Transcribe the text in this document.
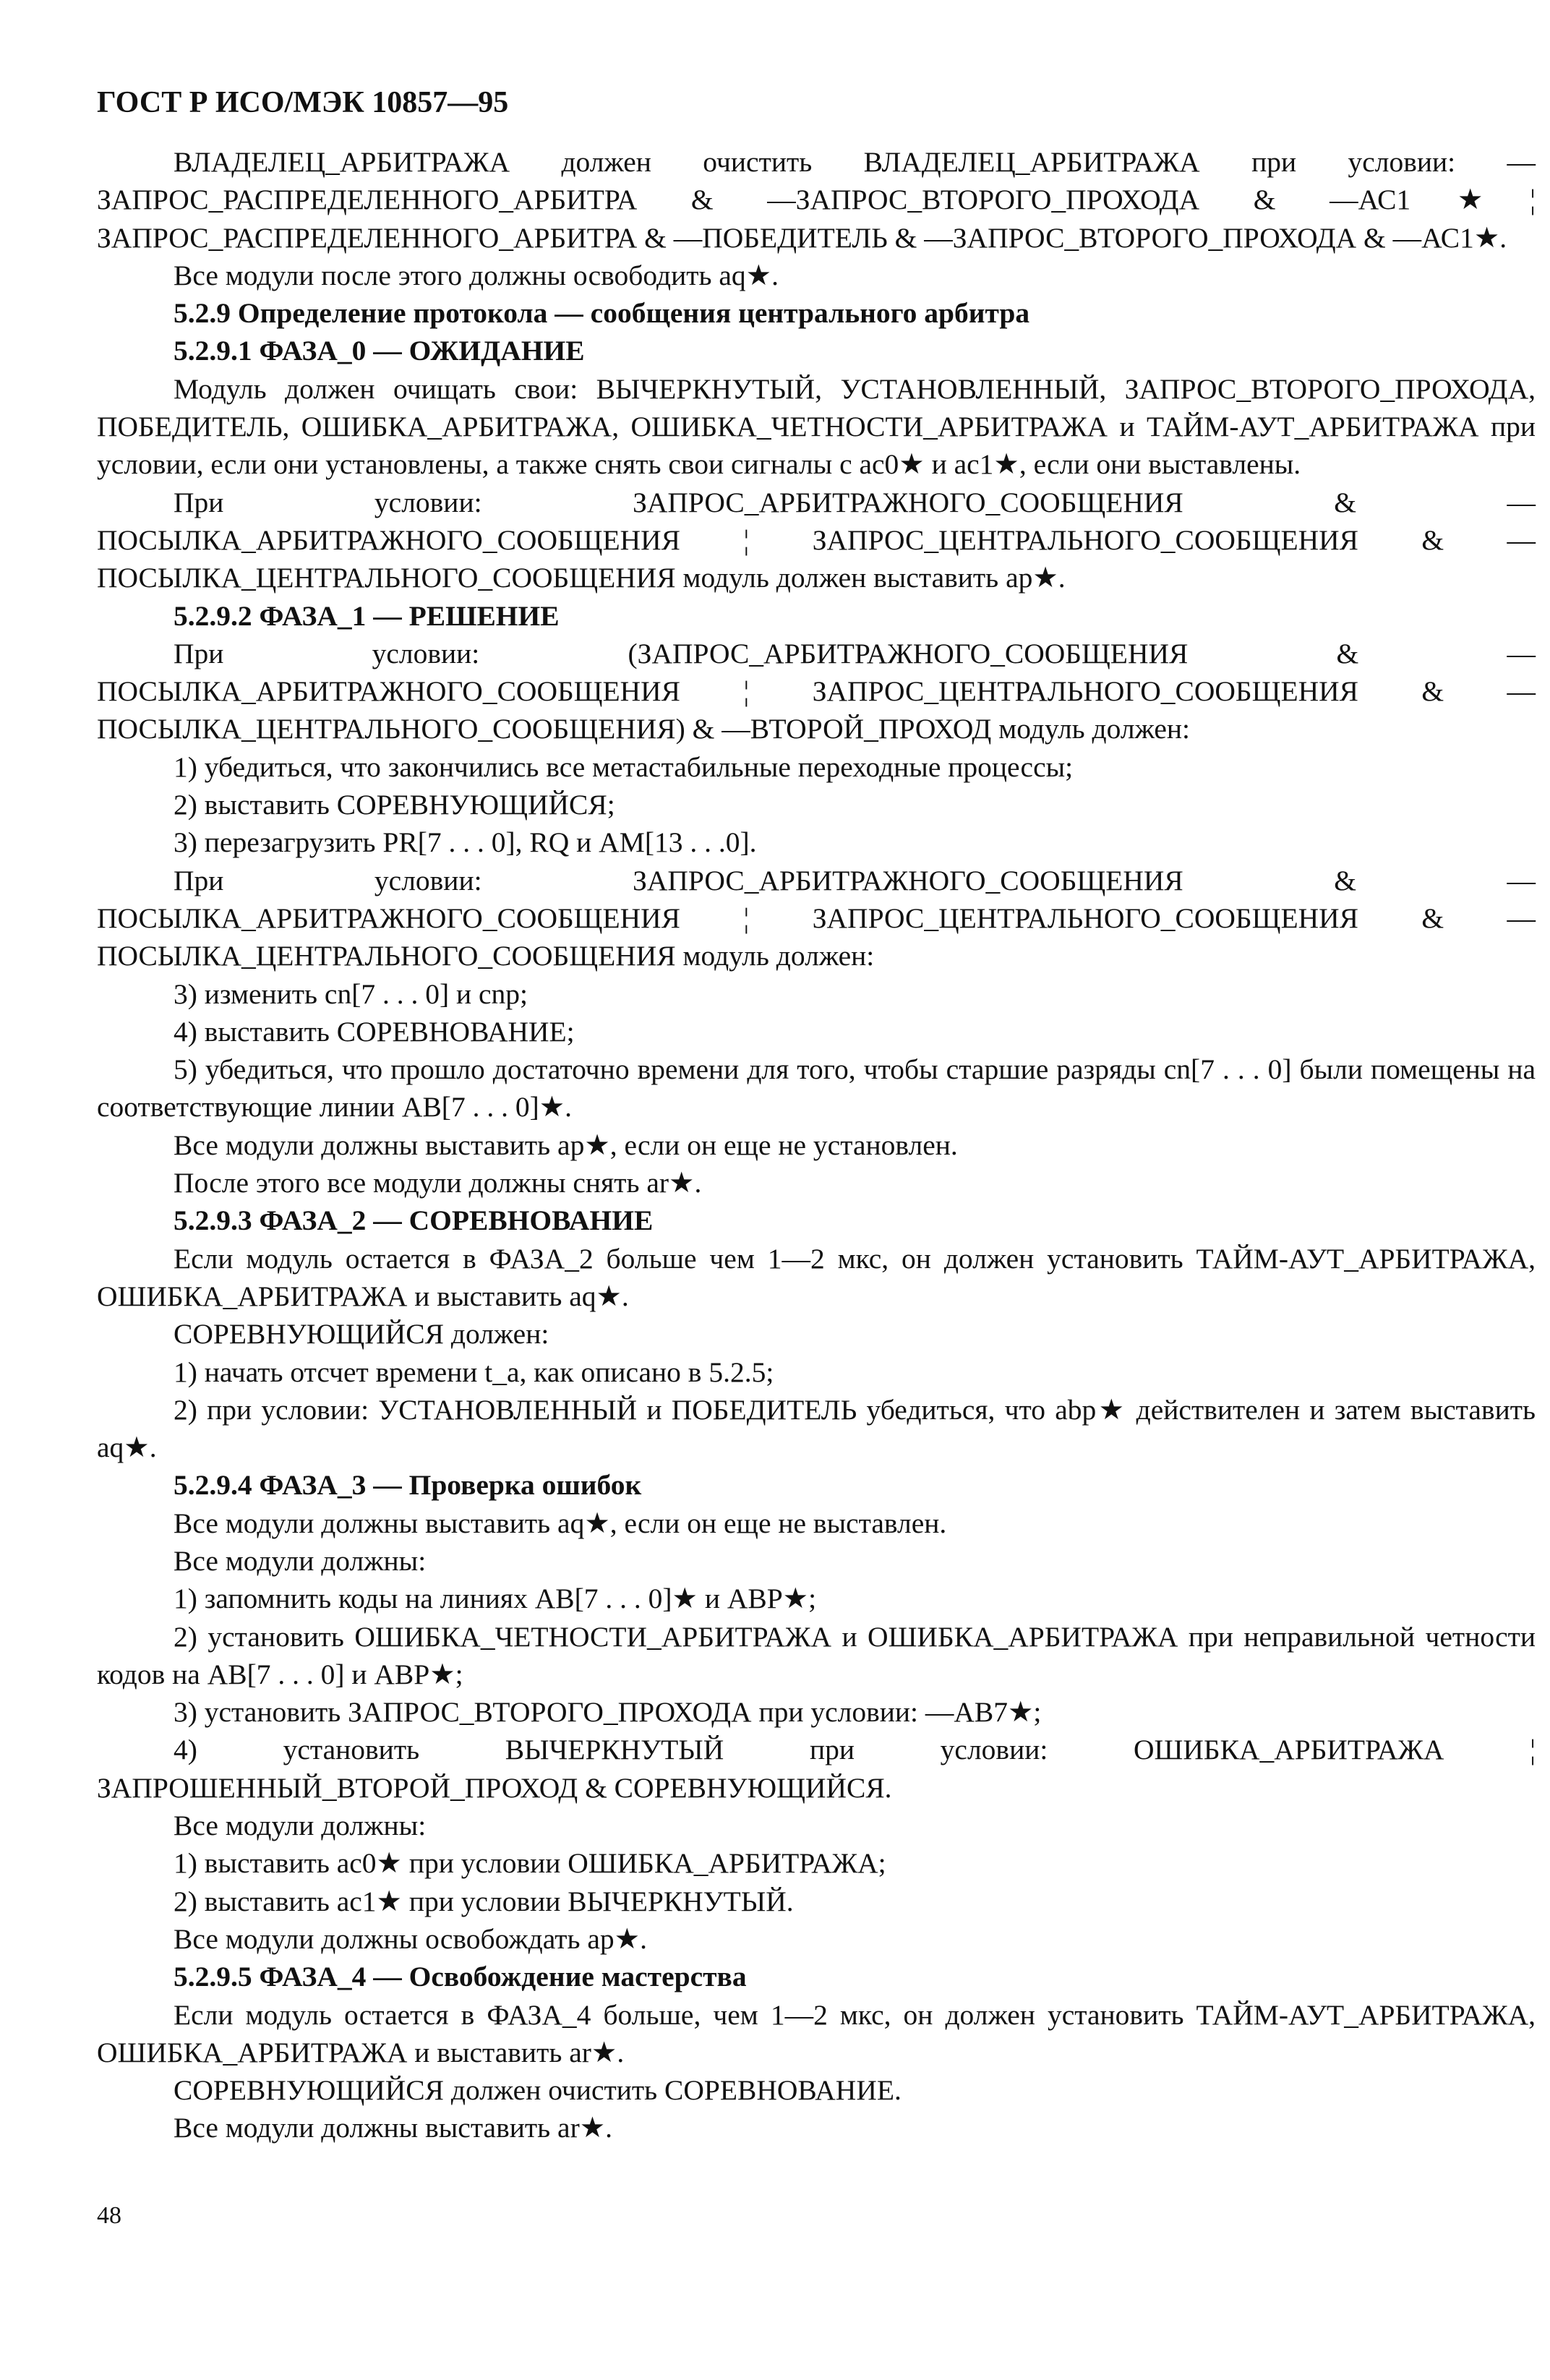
ГОСТ Р ИСО/МЭК 10857—95

ВЛАДЕЛЕЦ_АРБИТРАЖА должен очистить ВЛАДЕЛЕЦ_АРБИТРАЖА при условии: —ЗАПРОС_РАСПРЕДЕЛЕННОГО_АРБИТРА & —ЗАПРОС_ВТОРОГО_ПРОХОДА & —АС1★¦ ЗАПРОС_РАСПРЕДЕЛЕННОГО_АРБИТРА & —ПОБЕДИТЕЛЬ & —ЗАПРОС_ВТОРОГО_ПРОХОДА & —АС1★.

Все модули после этого должны освободить aq★.

5.2.9 Определение протокола — сообщения центрального арбитра

5.2.9.1 ФАЗА_0 — ОЖИДАНИЕ

Модуль должен очищать свои: ВЫЧЕРКНУТЫЙ, УСТАНОВЛЕННЫЙ, ЗАПРОС_ВТОРОГО_ПРОХОДА, ПОБЕДИТЕЛЬ, ОШИБКА_АРБИТРАЖА, ОШИБКА_ЧЕТНОСТИ_АРБИТРАЖА и ТАЙМ-АУТ_АРБИТРАЖА при условии, если они установлены, а также снять свои сигналы с ac0★ и ac1★, если они выставлены.

При условии: ЗАПРОС_АРБИТРАЖНОГО_СООБЩЕНИЯ & —ПОСЫЛКА_АРБИТРАЖНОГО_СООБЩЕНИЯ ¦ ЗАПРОС_ЦЕНТРАЛЬНОГО_СООБЩЕНИЯ & —ПОСЫЛКА_ЦЕНТРАЛЬНОГО_СООБЩЕНИЯ модуль должен выставить ap★.

5.2.9.2 ФАЗА_1 — РЕШЕНИЕ

При условии: (ЗАПРОС_АРБИТРАЖНОГО_СООБЩЕНИЯ & —ПОСЫЛКА_АРБИТРАЖНОГО_СООБЩЕНИЯ ¦ ЗАПРОС_ЦЕНТРАЛЬНОГО_СООБЩЕНИЯ & —ПОСЫЛКА_ЦЕНТРАЛЬНОГО_СООБЩЕНИЯ) & —ВТОРОЙ_ПРОХОД модуль должен:

1) убедиться, что закончились все метастабильные переходные процессы;

2) выставить СОРЕВНУЮЩИЙСЯ;

3) перезагрузить PR[7 . . . 0], RQ и AM[13 . . .0].

При условии: ЗАПРОС_АРБИТРАЖНОГО_СООБЩЕНИЯ & —ПОСЫЛКА_АРБИТРАЖНОГО_СООБЩЕНИЯ ¦ ЗАПРОС_ЦЕНТРАЛЬНОГО_СООБЩЕНИЯ & —ПОСЫЛКА_ЦЕНТРАЛЬНОГО_СООБЩЕНИЯ модуль должен:

3) изменить cn[7 . . . 0] и cnp;

4) выставить СОРЕВНОВАНИЕ;

5) убедиться, что прошло достаточно времени для того, чтобы старшие разряды cn[7 . . . 0] были помещены на соответствующие линии AB[7 . . . 0]★.

Все модули должны выставить ap★, если он еще не установлен.

После этого все модули должны снять ar★.

5.2.9.3 ФАЗА_2 — СОРЕВНОВАНИЕ

Если модуль остается в ФАЗА_2 больше чем 1—2 мкс, он должен установить ТАЙМ-АУТ_АРБИТРАЖА, ОШИБКА_АРБИТРАЖА и выставить aq★.

СОРЕВНУЮЩИЙСЯ должен:

1) начать отсчет времени t_a, как описано в 5.2.5;

2) при условии: УСТАНОВЛЕННЫЙ и ПОБЕДИТЕЛЬ убедиться, что abp★ действителен и затем выставить aq★.

5.2.9.4 ФАЗА_3 — Проверка ошибок

Все модули должны выставить aq★, если он еще не выставлен.

Все модули должны:

1) запомнить коды на линиях AB[7 . . . 0]★ и ABP★;

2) установить ОШИБКА_ЧЕТНОСТИ_АРБИТРАЖА и ОШИБКА_АРБИТРАЖА при неправильной четности кодов на AB[7 . . . 0] и ABP★;

3) установить ЗАПРОС_ВТОРОГО_ПРОХОДА при условии: —AB7★;

4) установить ВЫЧЕРКНУТЫЙ при условии: ОШИБКА_АРБИТРАЖА ¦ ЗАПРОШЕННЫЙ_ВТОРОЙ_ПРОХОД & СОРЕВНУЮЩИЙСЯ.

Все модули должны:

1) выставить ac0★ при условии ОШИБКА_АРБИТРАЖА;

2) выставить ac1★ при условии ВЫЧЕРКНУТЫЙ.

Все модули должны освобождать ap★.

5.2.9.5 ФАЗА_4 — Освобождение мастерства

Если модуль остается в ФАЗА_4 больше, чем 1—2 мкс, он должен установить ТАЙМ-АУТ_АРБИТРАЖА, ОШИБКА_АРБИТРАЖА и выставить ar★.

СОРЕВНУЮЩИЙСЯ должен очистить СОРЕВНОВАНИЕ.

Все модули должны выставить ar★.

48
